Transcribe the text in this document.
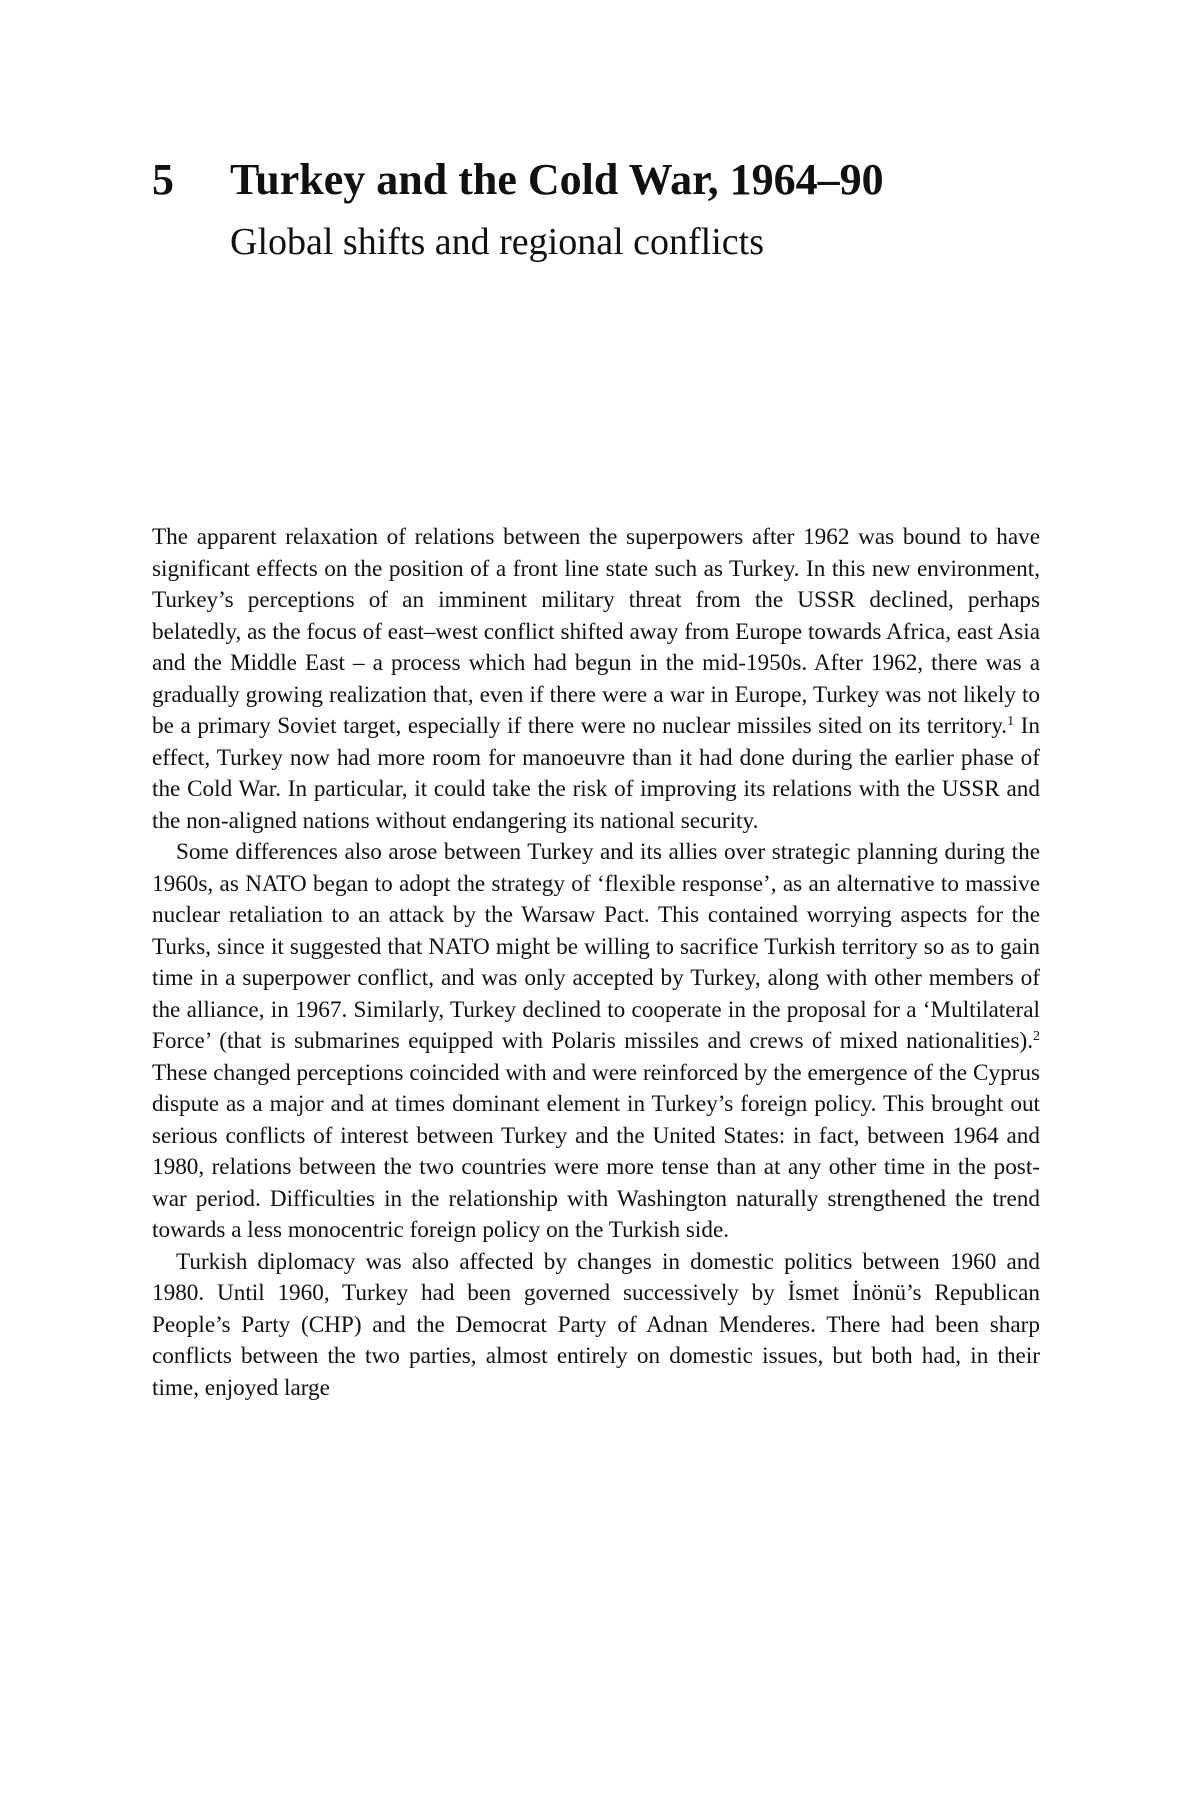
5 Turkey and the Cold War, 1964–90
Global shifts and regional conflicts

The apparent relaxation of relations between the superpowers after 1962 was bound to have significant effects on the position of a front line state such as Turkey. In this new environment, Turkey’s perceptions of an imminent military threat from the USSR declined, perhaps belatedly, as the focus of east–west conflict shifted away from Europe towards Africa, east Asia and the Middle East – a process which had begun in the mid-1950s. After 1962, there was a gradually growing realization that, even if there were a war in Europe, Turkey was not likely to be a primary Soviet target, especially if there were no nuclear missiles sited on its territory.$^1$ In effect, Turkey now had more room for manoeuvre than it had done during the earlier phase of the Cold War. In particular, it could take the risk of improving its relations with the USSR and the non-aligned nations without endangering its national security.

Some differences also arose between Turkey and its allies over strategic planning during the 1960s, as NATO began to adopt the strategy of ‘flexible response’, as an alternative to massive nuclear retaliation to an attack by the Warsaw Pact. This contained worrying aspects for the Turks, since it suggested that NATO might be willing to sacrifice Turkish territory so as to gain time in a superpower conflict, and was only accepted by Turkey, along with other members of the alliance, in 1967. Similarly, Turkey declined to cooperate in the proposal for a ‘Multilateral Force’ (that is submarines equipped with Polaris missiles and crews of mixed nationalities).$^2$ These changed perceptions coincided with and were reinforced by the emergence of the Cyprus dispute as a major and at times dominant element in Turkey’s foreign policy. This brought out serious conflicts of interest between Turkey and the United States: in fact, between 1964 and 1980, relations between the two countries were more tense than at any other time in the post-war period. Difficulties in the relationship with Washington naturally strengthened the trend towards a less monocentric foreign policy on the Turkish side.

Turkish diplomacy was also affected by changes in domestic politics between 1960 and 1980. Until 1960, Turkey had been governed successively by İsmet İnönü’s Republican People’s Party (CHP) and the Democrat Party of Adnan Menderes. There had been sharp conflicts between the two parties, almost entirely on domestic issues, but both had, in their time, enjoyed large
